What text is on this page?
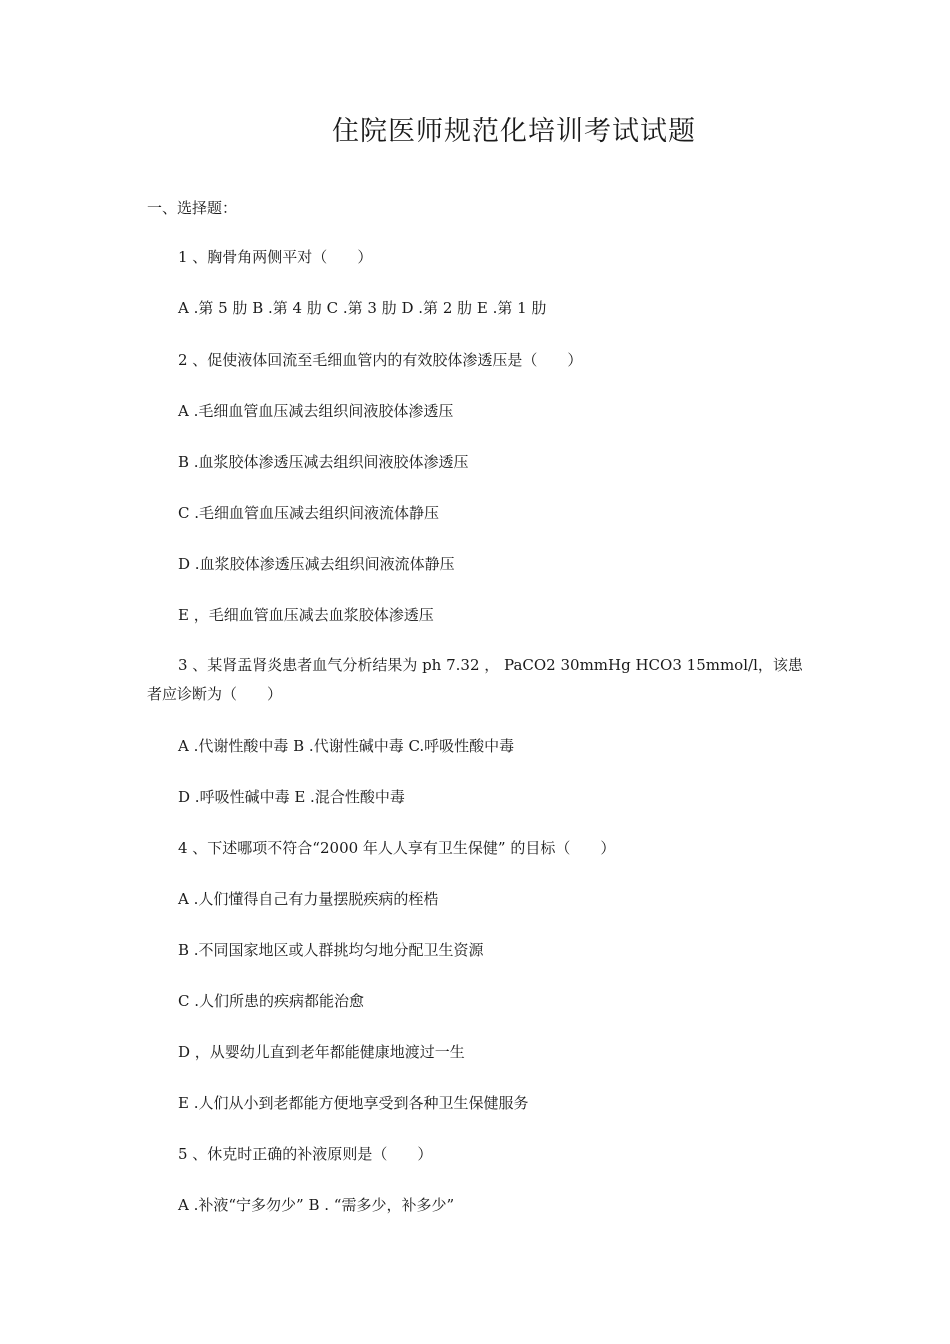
住院医师规范化培训考试试题
一、选择题：
1 、胸骨角两侧平对（　　）
A .第 5 肋 B .第 4 肋 C .第 3 肋 D .第 2 肋 E .第 1 肋
2 、促使液体回流至毛细血管内的有效胶体渗透压是（　　）
A .毛细血管血压减去组织间液胶体渗透压
B .血浆胶体渗透压减去组织间液胶体渗透压
C .毛细血管血压减去组织间液流体静压
D .血浆胶体渗透压减去组织间液流体静压
E ，毛细血管血压减去血浆胶体渗透压
3 、某肾盂肾炎患者血气分析结果为 ph 7.32 ， PaCO2 30mmHg HCO3 15mmol/l，该患者应诊断为（　　）
A .代谢性酸中毒 B .代谢性碱中毒 C.呼吸性酸中毒
D .呼吸性碱中毒 E .混合性酸中毒
4 、下述哪项不符合“2000 年人人享有卫生保健” 的目标（　　）
A .人们懂得自己有力量摆脱疾病的桎梏
B .不同国家地区或人群挑均匀地分配卫生资源
C .人们所患的疾病都能治愈
D ，从婴幼儿直到老年都能健康地渡过一生
E .人们从小到老都能方便地享受到各种卫生保健服务
5 、休克时正确的补液原则是（　　）
A .补液“宁多勿少” B . “需多少，补多少”
